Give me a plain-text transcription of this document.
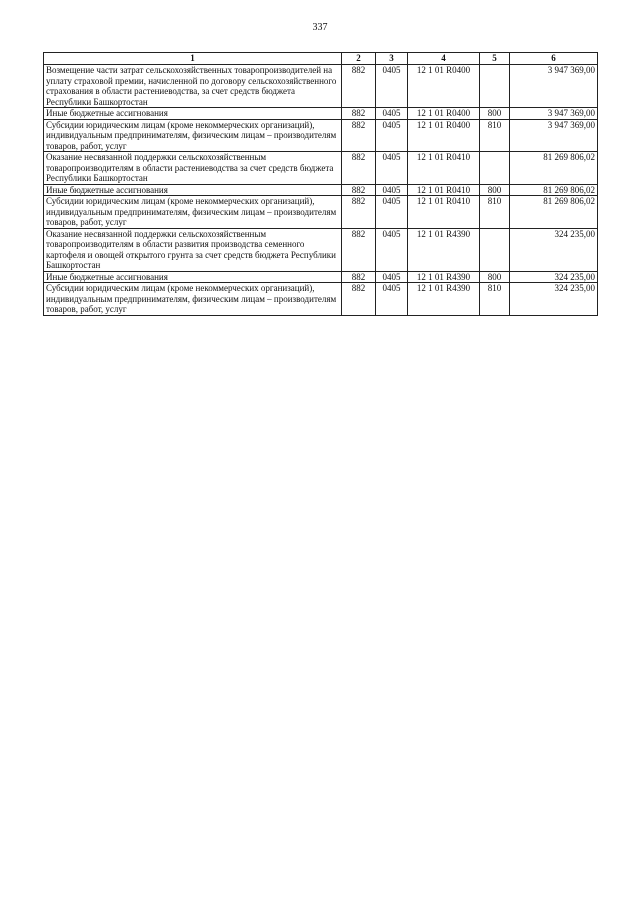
337
1	2	3	4	5	6
Возмещение части затрат сельскохозяйственных товаропроизводителей на уплату страховой премии, начисленной по договору сельскохозяйственного страхования в области растениеводства, за счет средств бюджета Республики Башкортостан	882	0405	12 1 01 R0400		3 947 369,00
Иные бюджетные ассигнования	882	0405	12 1 01 R0400	800	3 947 369,00
Субсидии юридическим лицам (кроме некоммерческих организаций), индивидуальным предпринимателям, физическим лицам – производителям товаров, работ, услуг	882	0405	12 1 01 R0400	810	3 947 369,00
Оказание несвязанной поддержки сельскохозяйственным товаропроизводителям в области растениеводства за счет средств бюджета Республики Башкортостан	882	0405	12 1 01 R0410		81 269 806,02
Иные бюджетные ассигнования	882	0405	12 1 01 R0410	800	81 269 806,02
Субсидии юридическим лицам (кроме некоммерческих организаций), индивидуальным предпринимателям, физическим лицам – производителям товаров, работ, услуг	882	0405	12 1 01 R0410	810	81 269 806,02
Оказание несвязанной поддержки сельскохозяйственным товаропроизводителям в области развития производства семенного картофеля и овощей открытого грунта за счет средств бюджета Республики Башкортостан	882	0405	12 1 01 R4390		324 235,00
Иные бюджетные ассигнования	882	0405	12 1 01 R4390	800	324 235,00
Субсидии юридическим лицам (кроме некоммерческих организаций), индивидуальным предпринимателям, физическим лицам – производителям товаров, работ, услуг	882	0405	12 1 01 R4390	810	324 235,00
